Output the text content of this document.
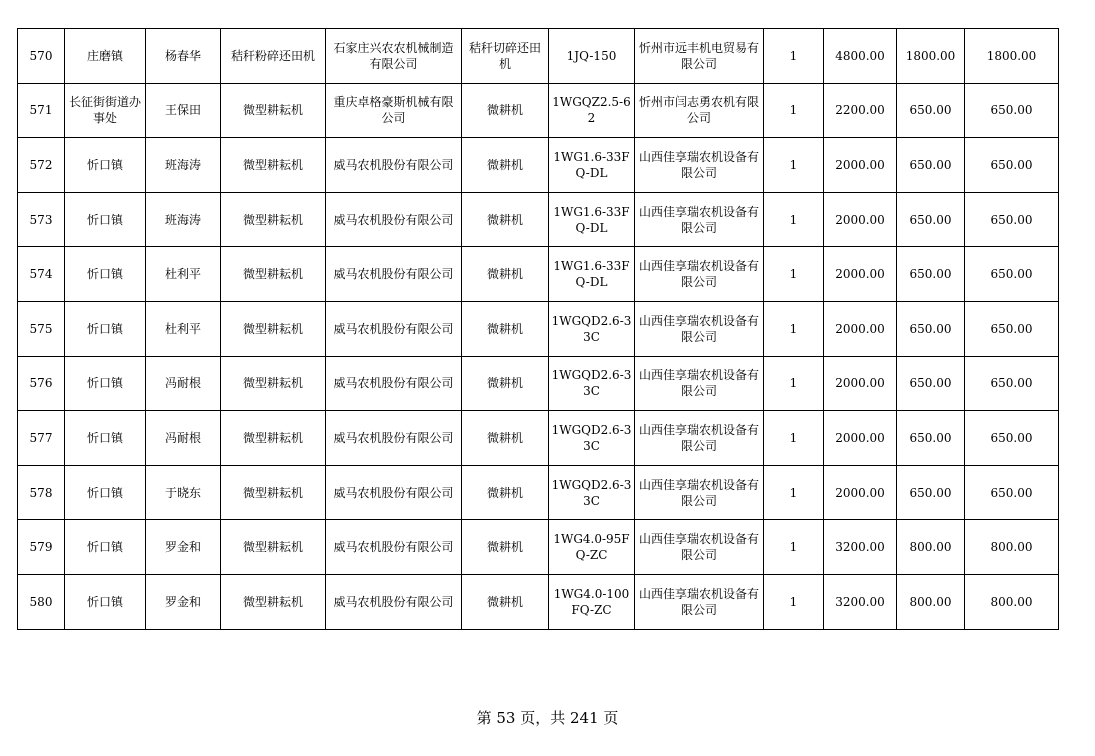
570	庄磨镇	杨春华	秸秆粉碎还田机	石家庄兴农农机械制造有限公司	秸秆切碎还田机	1JQ-150	忻州市远丰机电贸易有限公司	1	4800.00	1800.00	1800.00
571	长征街街道办事处	王保田	微型耕耘机	重庆卓格豪斯机械有限公司	微耕机	1WGQZ2.5-62	忻州市闫志勇农机有限公司	1	2200.00	650.00	650.00
572	忻口镇	班海涛	微型耕耘机	威马农机股份有限公司	微耕机	1WG1.6-33FQ-DL	山西佳享瑞农机设备有限公司	1	2000.00	650.00	650.00
573	忻口镇	班海涛	微型耕耘机	威马农机股份有限公司	微耕机	1WG1.6-33FQ-DL	山西佳享瑞农机设备有限公司	1	2000.00	650.00	650.00
574	忻口镇	杜利平	微型耕耘机	威马农机股份有限公司	微耕机	1WG1.6-33FQ-DL	山西佳享瑞农机设备有限公司	1	2000.00	650.00	650.00
575	忻口镇	杜利平	微型耕耘机	威马农机股份有限公司	微耕机	1WGQD2.6-33C	山西佳享瑞农机设备有限公司	1	2000.00	650.00	650.00
576	忻口镇	冯耐根	微型耕耘机	威马农机股份有限公司	微耕机	1WGQD2.6-33C	山西佳享瑞农机设备有限公司	1	2000.00	650.00	650.00
577	忻口镇	冯耐根	微型耕耘机	威马农机股份有限公司	微耕机	1WGQD2.6-33C	山西佳享瑞农机设备有限公司	1	2000.00	650.00	650.00
578	忻口镇	于晓东	微型耕耘机	威马农机股份有限公司	微耕机	1WGQD2.6-33C	山西佳享瑞农机设备有限公司	1	2000.00	650.00	650.00
579	忻口镇	罗金和	微型耕耘机	威马农机股份有限公司	微耕机	1WG4.0-95FQ-ZC	山西佳享瑞农机设备有限公司	1	3200.00	800.00	800.00
580	忻口镇	罗金和	微型耕耘机	威马农机股份有限公司	微耕机	1WG4.0-100FQ-ZC	山西佳享瑞农机设备有限公司	1	3200.00	800.00	800.00
第 53 页，共 241 页
